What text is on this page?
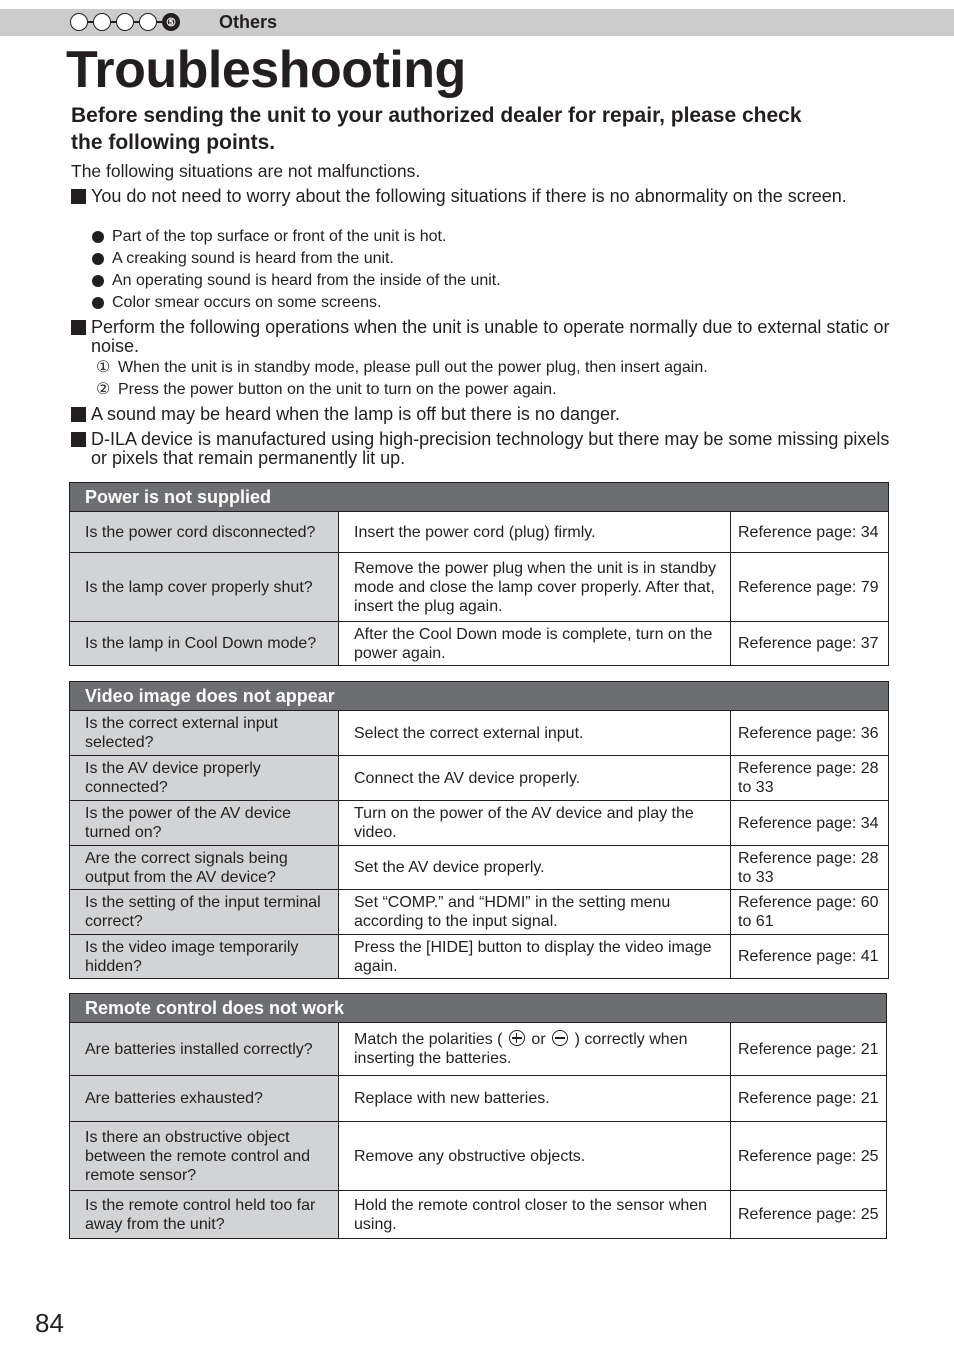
⑤ Others
Troubleshooting
Before sending the unit to your authorized dealer for repair, please check the following points.
The following situations are not malfunctions.
You do not need to worry about the following situations if there is no abnormality on the screen.
Part of the top surface or front of the unit is hot.
A creaking sound is heard from the unit.
An operating sound is heard from the inside of the unit.
Color smear occurs on some screens.
Perform the following operations when the unit is unable to operate normally due to external static or noise.
① When the unit is in standby mode, please pull out the power plug, then insert again.
② Press the power button on the unit to turn on the power again.
A sound may be heard when the lamp is off but there is no danger.
D-ILA device is manufactured using high-precision technology but there may be some missing pixels or pixels that remain permanently lit up.
Power is not supplied		
Is the power cord disconnected?	Insert the power cord (plug) firmly.	Reference page: 34
Is the lamp cover properly shut?	Remove the power plug when the unit is in standby mode and close the lamp cover properly. After that, insert the plug again.	Reference page: 79
Is the lamp in Cool Down mode?	After the Cool Down mode is complete, turn on the power again.	Reference page: 37
Video image does not appear		
Is the correct external input selected?	Select the correct external input.	Reference page: 36
Is the AV device properly connected?	Connect the AV device properly.	Reference page: 28 to 33
Is the power of the AV device turned on?	Turn on the power of the AV device and play the video.	Reference page: 34
Are the correct signals being output from the AV device?	Set the AV device properly.	Reference page: 28 to 33
Is the setting of the input terminal correct?	Set “COMP.” and “HDMI” in the setting menu according to the input signal.	Reference page: 60 to 61
Is the video image temporarily hidden?	Press the [HIDE] button to display the video image again.	Reference page: 41
Remote control does not work		
Are batteries installed correctly?	Match the polarities ( or ) correctly when inserting the batteries.	Reference page: 21
Are batteries exhausted?	Replace with new batteries.	Reference page: 21
Is there an obstructive object between the remote control and remote sensor?	Remove any obstructive objects.	Reference page: 25
Is the remote control held too far away from the unit?	Hold the remote control closer to the sensor when using.	Reference page: 25
84
